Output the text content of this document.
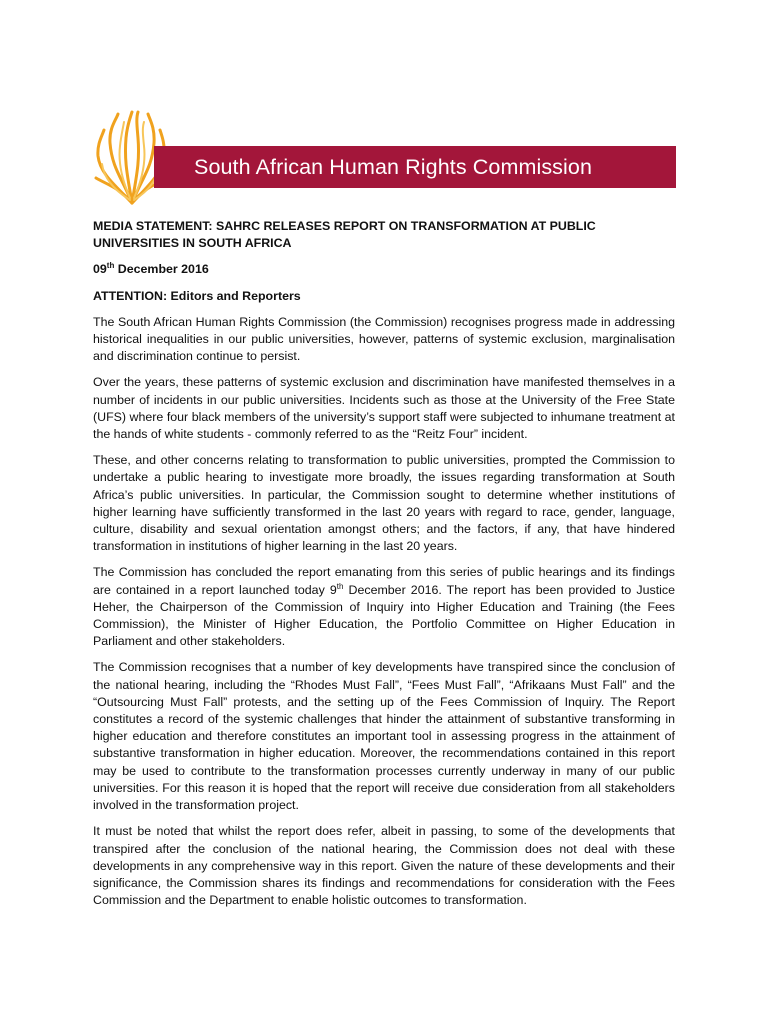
South African Human Rights Commission

MEDIA STATEMENT: SAHRC RELEASES REPORT ON TRANSFORMATION AT PUBLIC UNIVERSITIES IN SOUTH AFRICA

09th December 2016

ATTENTION: Editors and Reporters

The South African Human Rights Commission (the Commission) recognises progress made in addressing historical inequalities in our public universities, however, patterns of systemic exclusion, marginalisation and discrimination continue to persist.

Over the years, these patterns of systemic exclusion and discrimination have manifested themselves in a number of incidents in our public universities. Incidents such as those at the University of the Free State (UFS) where four black members of the university’s support staff were subjected to inhumane treatment at the hands of white students - commonly referred to as the “Reitz Four” incident.

These, and other concerns relating to transformation to public universities, prompted the Commission to undertake a public hearing to investigate more broadly, the issues regarding transformation at South Africa’s public universities. In particular, the Commission sought to determine whether institutions of higher learning have sufficiently transformed in the last 20 years with regard to race, gender, language, culture, disability and sexual orientation amongst others; and the factors, if any, that have hindered transformation in institutions of higher learning in the last 20 years.

The Commission has concluded the report emanating from this series of public hearings and its findings are contained in a report launched today 9th December 2016. The report has been provided to Justice Heher, the Chairperson of the Commission of Inquiry into Higher Education and Training (the Fees Commission), the Minister of Higher Education, the Portfolio Committee on Higher Education in Parliament and other stakeholders.

The Commission recognises that a number of key developments have transpired since the conclusion of the national hearing, including the “Rhodes Must Fall”, “Fees Must Fall”, “Afrikaans Must Fall” and the “Outsourcing Must Fall” protests, and the setting up of the Fees Commission of Inquiry. The Report constitutes a record of the systemic challenges that hinder the attainment of substantive transforming in higher education and therefore constitutes an important tool in assessing progress in the attainment of substantive transformation in higher education. Moreover, the recommendations contained in this report may be used to contribute to the transformation processes currently underway in many of our public universities. For this reason it is hoped that the report will receive due consideration from all stakeholders involved in the transformation project.

It must be noted that whilst the report does refer, albeit in passing, to some of the developments that transpired after the conclusion of the national hearing, the Commission does not deal with these developments in any comprehensive way in this report. Given the nature of these developments and their significance, the Commission shares its findings and recommendations for consideration with the Fees Commission and the Department to enable holistic outcomes to transformation.
